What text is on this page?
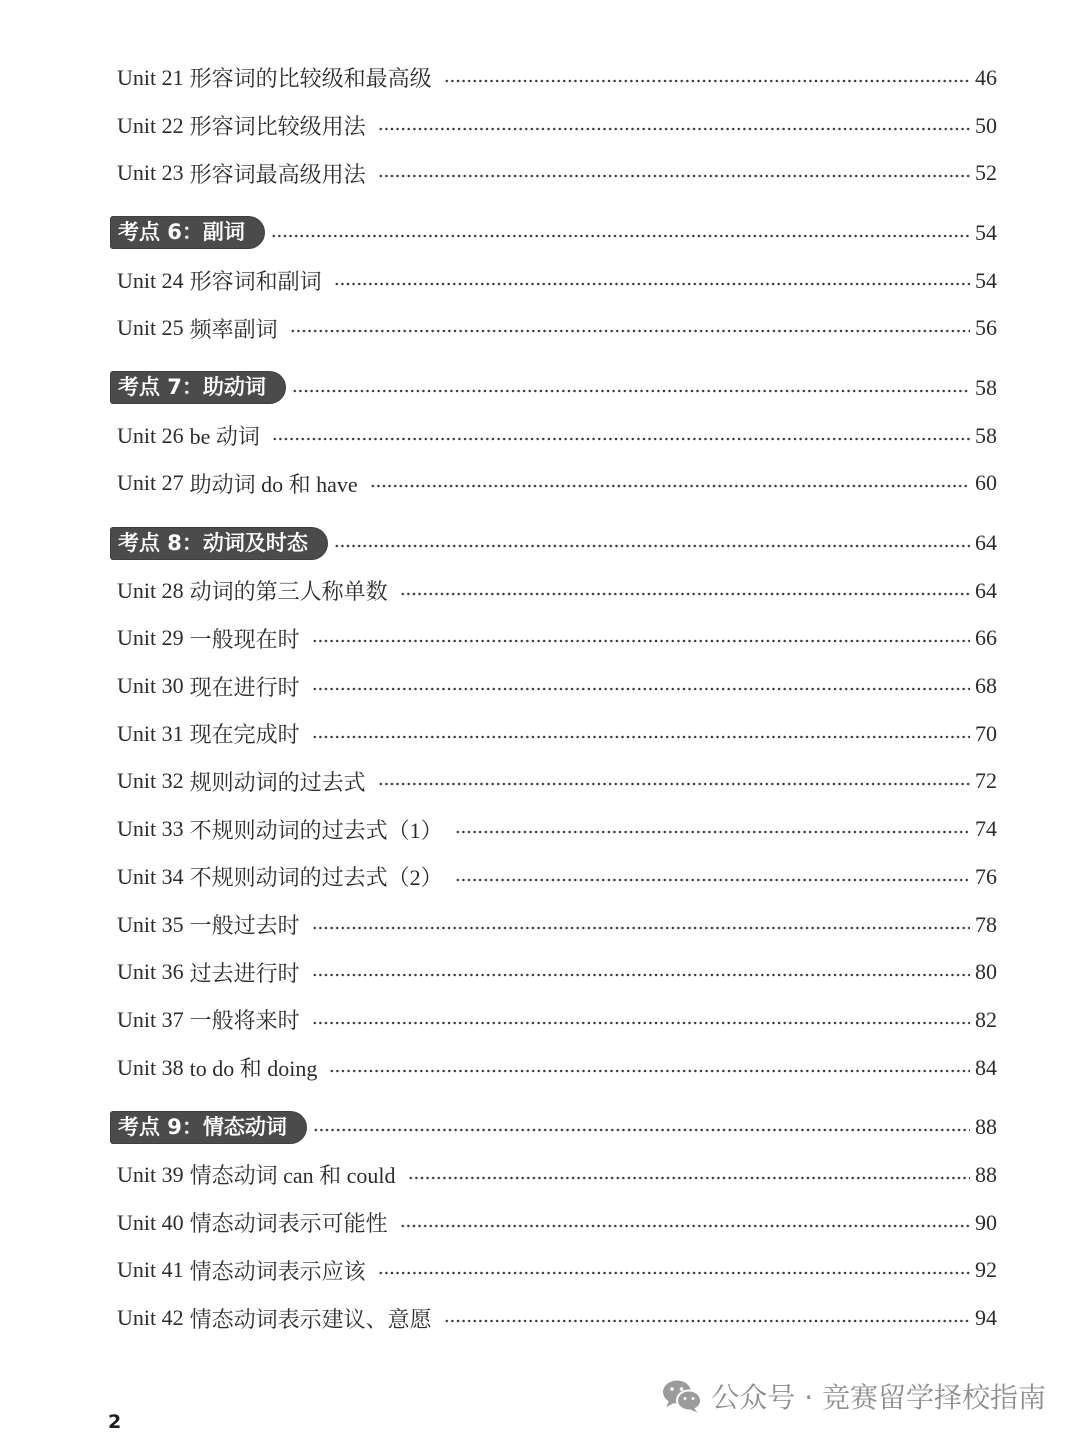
Unit 21 形容词的比较级和最高级	46
Unit 22 形容词比较级用法	50
Unit 23 形容词最高级用法	52
考点 6：副词	54
Unit 24 形容词和副词	54
Unit 25 频率副词	56
考点 7：助动词	58
Unit 26 be 动词	58
Unit 27 助动词 do 和 have	60
考点 8：动词及时态	64
Unit 28 动词的第三人称单数	64
Unit 29 一般现在时	66
Unit 30 现在进行时	68
Unit 31 现在完成时	70
Unit 32 规则动词的过去式	72
Unit 33 不规则动词的过去式（1）	74
Unit 34 不规则动词的过去式（2）	76
Unit 35 一般过去时	78
Unit 36 过去进行时	80
Unit 37 一般将来时	82
Unit 38 to do 和 doing	84
考点 9：情态动词	88
Unit 39 情态动词 can 和 could	88
Unit 40 情态动词表示可能性	90
Unit 41 情态动词表示应该	92
Unit 42 情态动词表示建议、意愿	94
公众号 · 竞赛留学择校指南
2
